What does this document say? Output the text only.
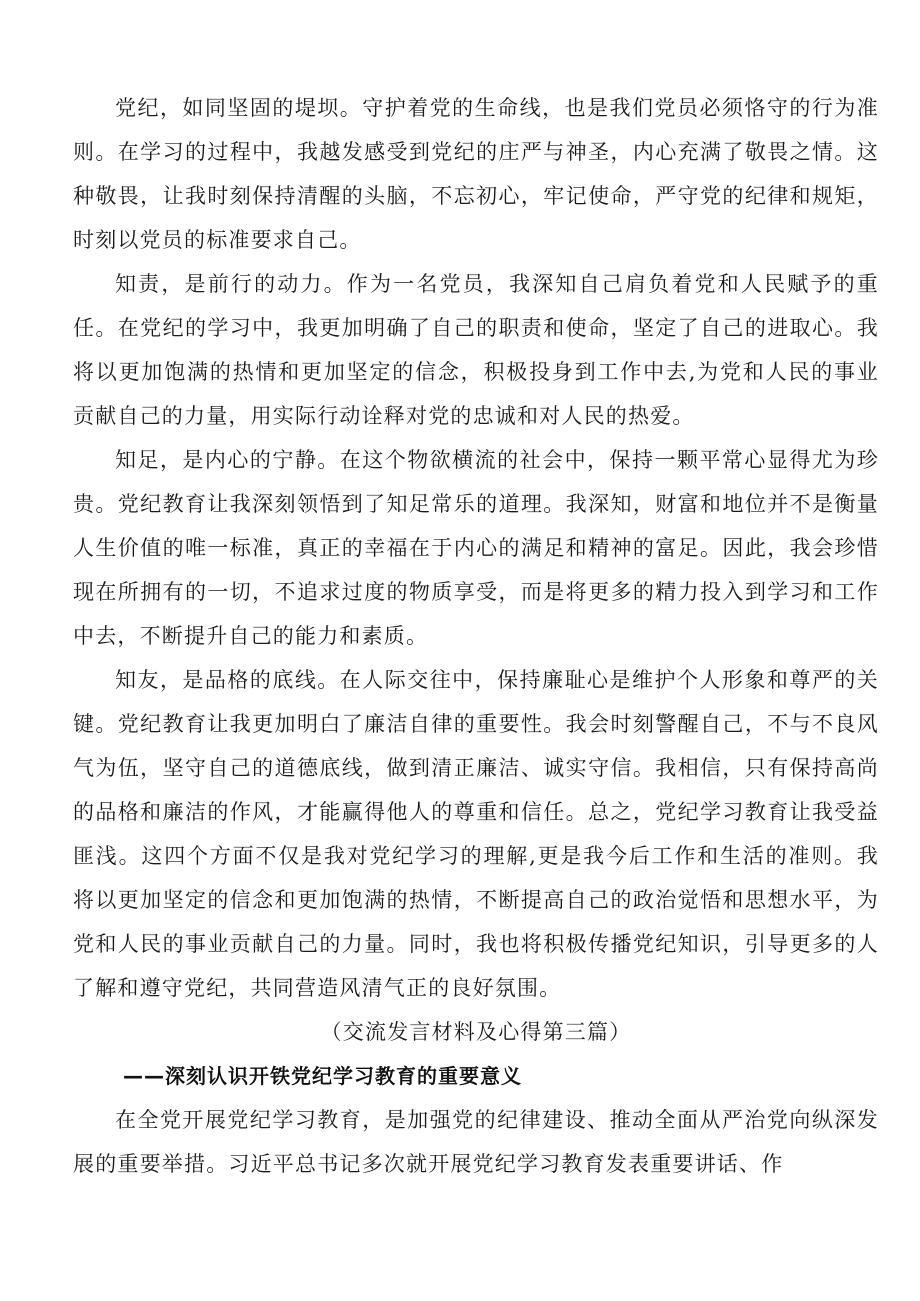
党纪，如同坚固的堤坝。守护着党的生命线，也是我们党员必须恪守的行为准则。在学习的过程中，我越发感受到党纪的庄严与神圣，内心充满了敬畏之情。这种敬畏，让我时刻保持清醒的头脑，不忘初心，牢记使命，严守党的纪律和规矩，时刻以党员的标准要求自己。

知责，是前行的动力。作为一名党员，我深知自己肩负着党和人民赋予的重任。在党纪的学习中，我更加明确了自己的职责和使命，坚定了自己的进取心。我将以更加饱满的热情和更加坚定的信念，积极投身到工作中去,为党和人民的事业贡献自己的力量，用实际行动诠释对党的忠诚和对人民的热爱。

知足，是内心的宁静。在这个物欲横流的社会中，保持一颗平常心显得尤为珍贵。党纪教育让我深刻领悟到了知足常乐的道理。我深知，财富和地位并不是衡量人生价值的唯一标准，真正的幸福在于内心的满足和精神的富足。因此，我会珍惜现在所拥有的一切，不追求过度的物质享受，而是将更多的精力投入到学习和工作中去，不断提升自己的能力和素质。

知友，是品格的底线。在人际交往中，保持廉耻心是维护个人形象和尊严的关键。党纪教育让我更加明白了廉洁自律的重要性。我会时刻警醒自己，不与不良风气为伍，坚守自己的道德底线，做到清正廉洁、诚实守信。我相信，只有保持高尚的品格和廉洁的作风，才能赢得他人的尊重和信任。总之，党纪学习教育让我受益匪浅。这四个方面不仅是我对党纪学习的理解,更是我今后工作和生活的准则。我将以更加坚定的信念和更加饱满的热情，不断提高自己的政治觉悟和思想水平，为党和人民的事业贡献自己的力量。同时，我也将积极传播党纪知识，引导更多的人了解和遵守党纪，共同营造风清气正的良好氛围。

（交流发言材料及心得第三篇）

——深刻认识开铁党纪学习教育的重要意义

在全党开展党纪学习教育，是加强党的纪律建设、推动全面从严治党向纵深发展的重要举措。习近平总书记多次就开展党纪学习教育发表重要讲话、作
